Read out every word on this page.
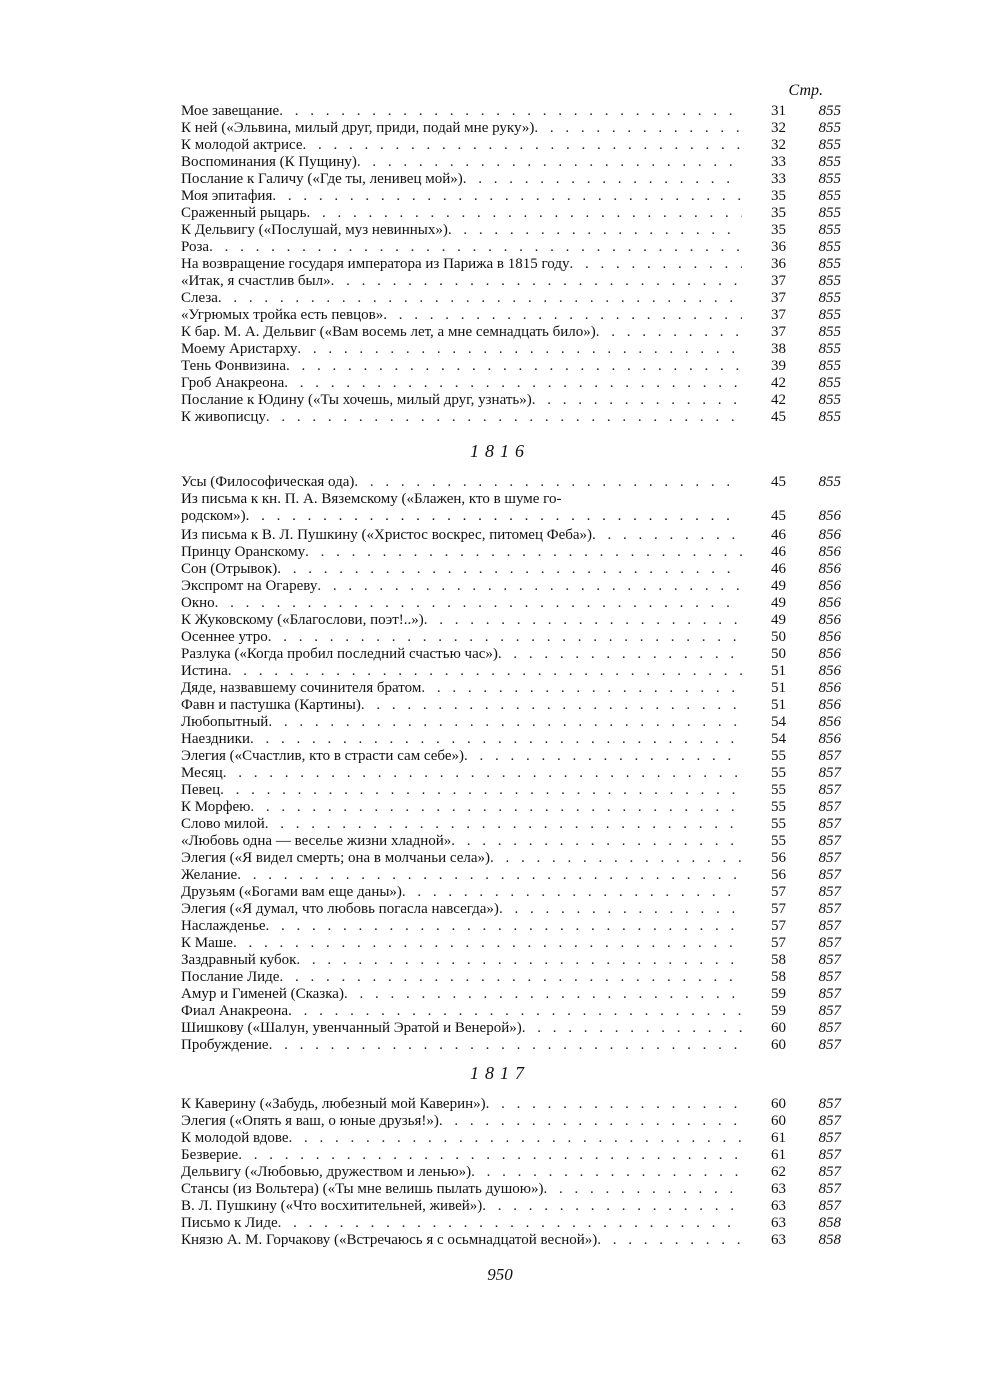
Стр.
Мое завещание . . .	31	855
К ней («Эльвина, милый друг, приди, подай мне руку») . . .	32	855
К молодой актрисе . . .	32	855
Воспоминания (К Пущину) . . .	33	855
Послание к Галичу («Где ты, ленивец мой») . . .	33	855
Моя эпитафия . . .	35	855
Сраженный рыцарь . . .	35	855
К Дельвигу («Послушай, муз невинных») . . .	35	855
Роза . . .	36	855
На возвращение государя императора из Парижа в 1815 году . . .	36	855
«Итак, я счастлив был» . . .	37	855
Слеза . . .	37	855
«Угрюмых тройка есть певцов» . . .	37	855
К бар. М. А. Дельвиг («Вам восемь лет, а мне семнадцать било») . . .	37	855
Моему Аристарху . . .	38	855
Тень Фонвизина . . .	39	855
Гроб Анакреона . . .	42	855
Послание к Юдину («Ты хочешь, милый друг, узнать») . . .	42	855
К живописцу . . .	45	855
1816
Усы (Философическая ода) . . .	45	855
Из письма к кн. П. А. Вяземскому («Блажен, кто в шуме го-
родском») . . .	45	856
Из письма к В. Л. Пушкину («Христос воскрес, питомец Феба») . . .	46	856
Принцу Оранскому . . .	46	856
Сон (Отрывок) . . .	46	856
Экспромт на Огареву . . .	49	856
Окно . . .	49	856
К Жуковскому («Благослови, поэт!..») . . .	49	856
Осеннее утро . . .	50	856
Разлука («Когда пробил последний счастью час») . . .	50	856
Истина . . .	51	856
Дяде, назвавшему сочинителя братом . . .	51	856
Фавн и пастушка (Картины) . . .	51	856
Любопытный . . .	54	856
Наездники . . .	54	856
Элегия («Счастлив, кто в страсти сам себе») . . .	55	857
Месяц . . .	55	857
Певец . . .	55	857
К Морфею . . .	55	857
Слово милой . . .	55	857
«Любовь одна — веселье жизни хладной» . . .	55	857
Элегия («Я видел смерть; она в молчаньи села») . . .	56	857
Желание . . .	56	857
Друзьям («Богами вам еще даны») . . .	57	857
Элегия («Я думал, что любовь погасла навсегда») . . .	57	857
Наслажденье . . .	57	857
К Маше . . .	57	857
Заздравный кубок . . .	58	857
Послание Лиде . . .	58	857
Амур и Гименей (Сказка) . . .	59	857
Фиал Анакреона . . .	59	857
Шишкову («Шалун, увенчанный Эратой и Венерой») . . .	60	857
Пробуждение . . .	60	857
1817
К Каверину («Забудь, любезный мой Каверин») . . .	60	857
Элегия («Опять я ваш, о юные друзья!») . . .	60	857
К молодой вдове . . .	61	857
Безверие . . .	61	857
Дельвигу («Любовью, дружеством и ленью») . . .	62	857
Стансы (из Вольтера) («Ты мне велишь пылать душою») . . .	63	857
В. Л. Пушкину («Что восхитительней, живей») . . .	63	857
Письмо к Лиде . . .	63	858
Князю А. М. Горчакову («Встречаюсь я с осьмнадцатой весной») . . .	63	858
950
